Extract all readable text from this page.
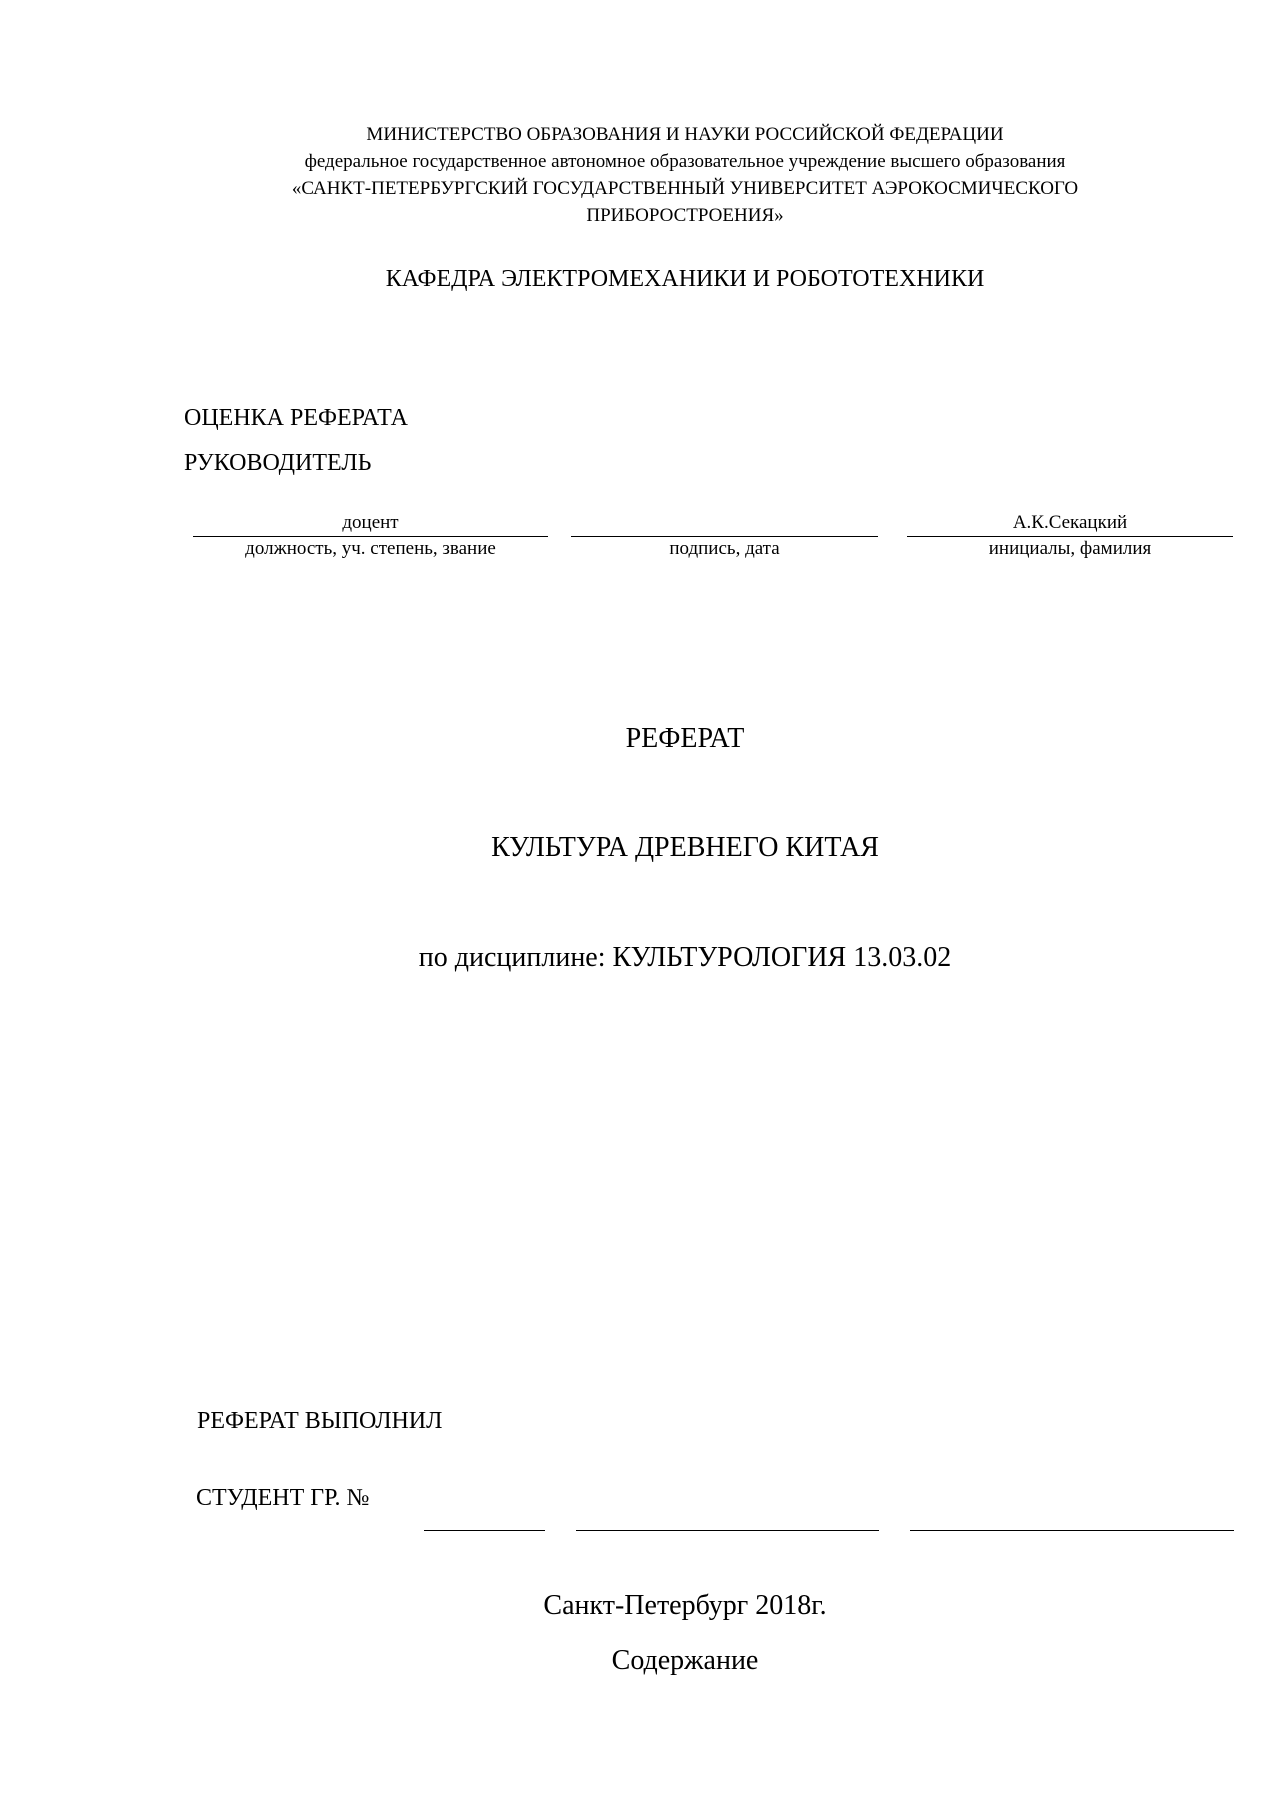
МИНИСТЕРСТВО ОБРАЗОВАНИЯ И НАУКИ РОССИЙСКОЙ ФЕДЕРАЦИИ
федеральное государственное автономное образовательное учреждение высшего образования
«САНКТ-ПЕТЕРБУРГСКИЙ ГОСУДАРСТВЕННЫЙ УНИВЕРСИТЕТ АЭРОКОСМИЧЕСКОГО
ПРИБОРОСТРОЕНИЯ»
КАФЕДРА ЭЛЕКТРОМЕХАНИКИ И РОБОТОТЕХНИКИ
ОЦЕНКА РЕФЕРАТА
РУКОВОДИТЕЛЬ
доцент
должность, уч. степень, звание	подпись, дата
А.К.Секацкий
инициалы, фамилия
РЕФЕРАТ
КУЛЬТУРА ДРЕВНЕГО КИТАЯ
по дисциплине: КУЛЬТУРОЛОГИЯ 13.03.02
РЕФЕРАТ ВЫПОЛНИЛ
СТУДЕНТ ГР. №
Санкт-Петербург 2018г.
Содержание
